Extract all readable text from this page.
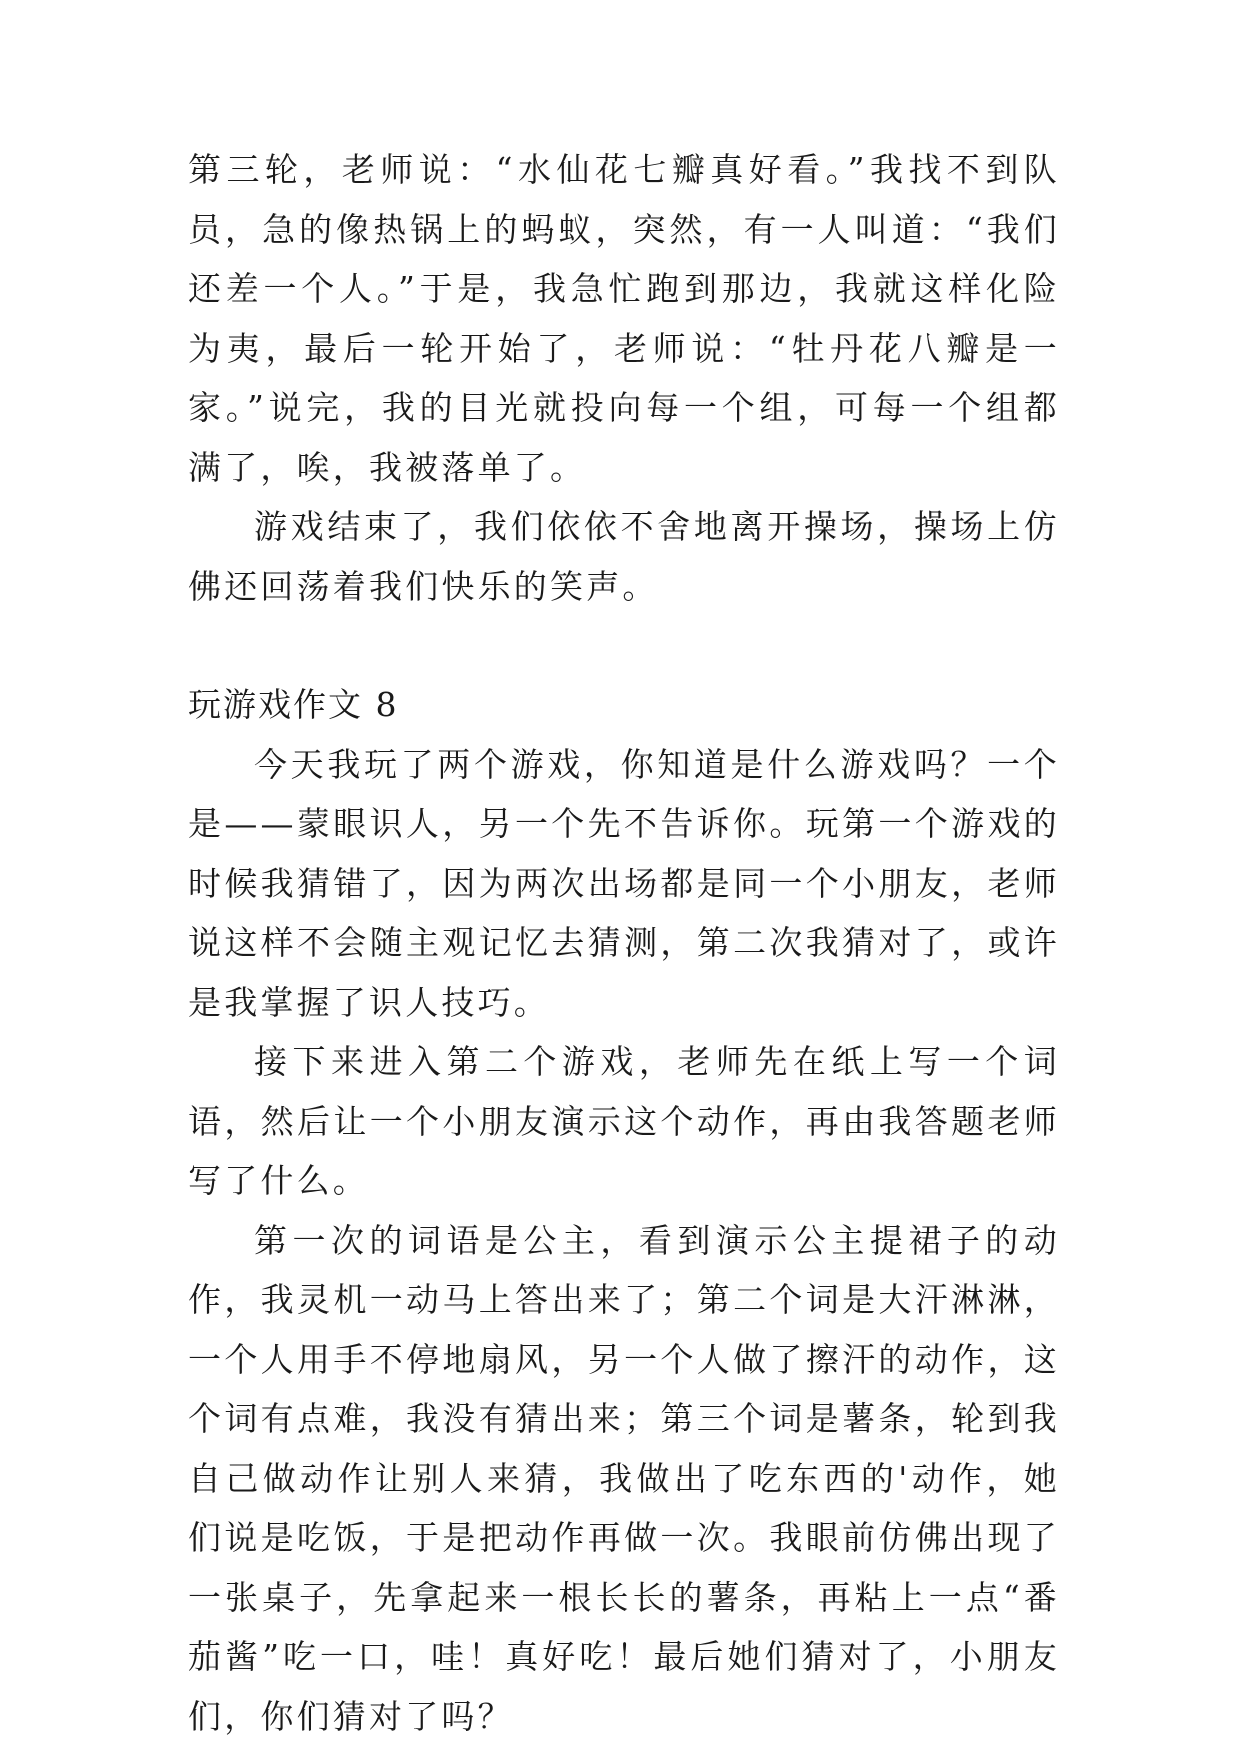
第三轮，老师说：“水仙花七瓣真好看。”我找不到队员，急的像热锅上的蚂蚁，突然，有一人叫道：“我们还差一个人。”于是，我急忙跑到那边，我就这样化险为夷，最后一轮开始了，老师说：“牡丹花八瓣是一家。”说完，我的目光就投向每一个组，可每一个组都满了，唉，我被落单了。

游戏结束了，我们依依不舍地离开操场，操场上仿佛还回荡着我们快乐的笑声。

玩游戏作文 8

今天我玩了两个游戏，你知道是什么游戏吗？一个是——蒙眼识人，另一个先不告诉你。玩第一个游戏的时候我猜错了，因为两次出场都是同一个小朋友，老师说这样不会随主观记忆去猜测，第二次我猜对了，或许是我掌握了识人技巧。

接下来进入第二个游戏，老师先在纸上写一个词语，然后让一个小朋友演示这个动作，再由我答题老师写了什么。

第一次的词语是公主，看到演示公主提裙子的动作，我灵机一动马上答出来了；第二个词是大汗淋淋，一个人用手不停地扇风，另一个人做了擦汗的动作，这个词有点难，我没有猜出来；第三个词是薯条，轮到我自己做动作让别人来猜，我做出了吃东西的'动作，她们说是吃饭，于是把动作再做一次。我眼前仿佛出现了一张桌子，先拿起来一根长长的薯条，再粘上一点“番茄酱”吃一口，哇！真好吃！最后她们猜对了，小朋友们，你们猜对了吗？
